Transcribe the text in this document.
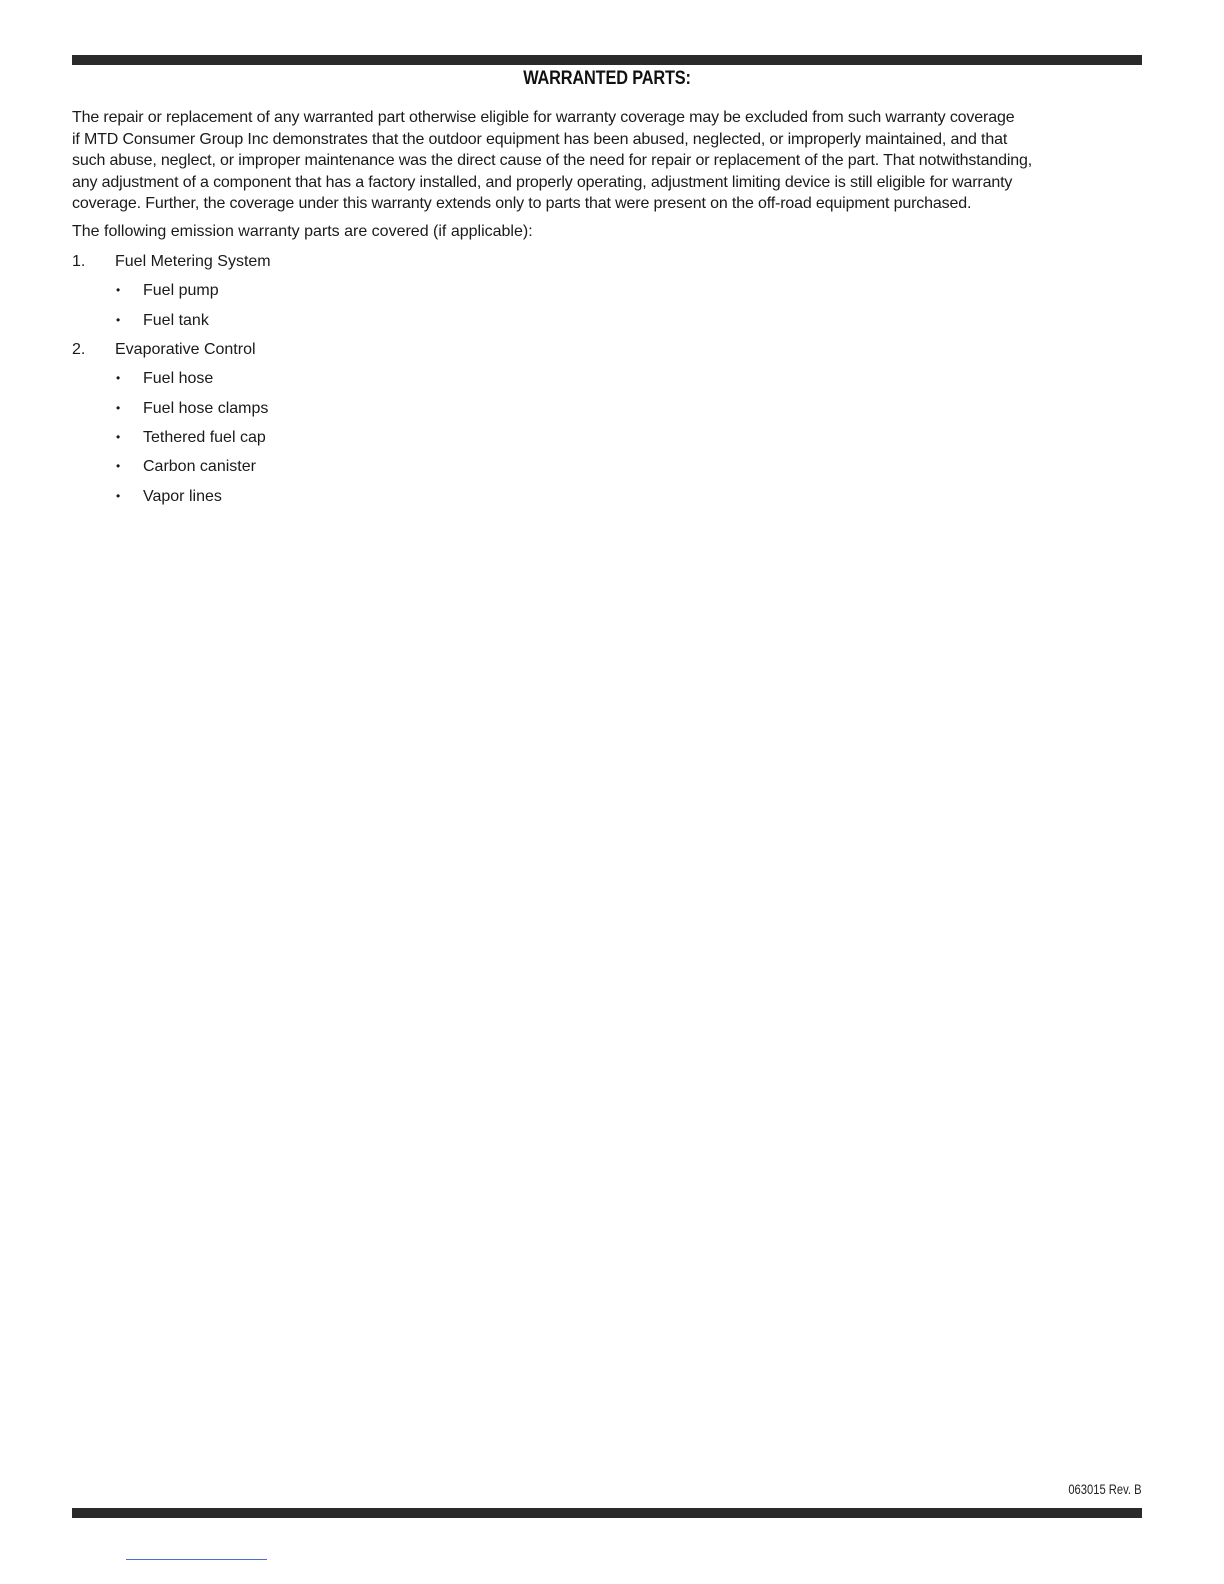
WARRANTED PARTS:
The repair or replacement of any warranted part otherwise eligible for warranty coverage may be excluded from such warranty coverage
if MTD Consumer Group Inc demonstrates that the outdoor equipment has been abused, neglected, or improperly maintained, and that
such abuse, neglect, or improper maintenance was the direct cause of the need for repair or replacement of the part. That notwithstanding,
any adjustment of a component that has a factory installed, and properly operating, adjustment limiting device is still eligible for warranty
coverage. Further, the coverage under this warranty extends only to parts that were present on the off-road equipment purchased.
The following emission warranty parts are covered (if applicable):
1. Fuel Metering System
• Fuel pump
• Fuel tank
2. Evaporative Control
• Fuel hose
• Fuel hose clamps
• Tethered fuel cap
• Carbon canister
• Vapor lines
063015 Rev. B
